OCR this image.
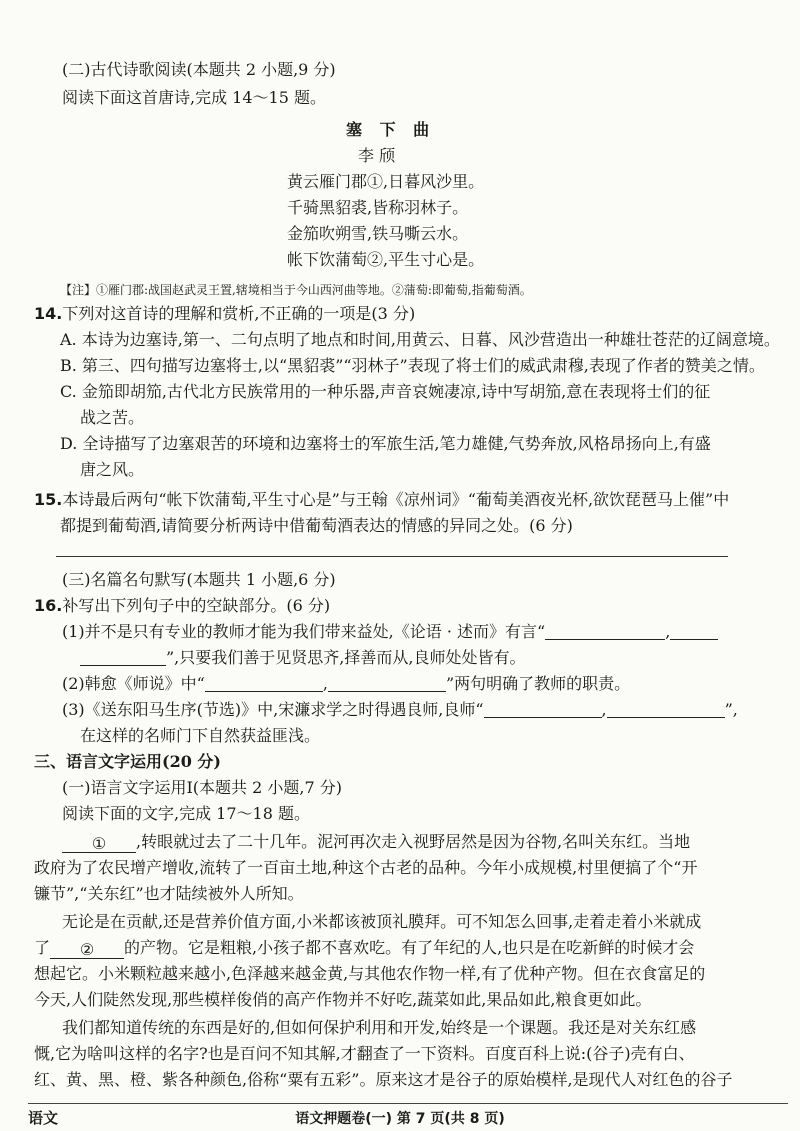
(二)古代诗歌阅读(本题共 2 小题,9 分)
阅读下面这首唐诗,完成 14～15 题。
塞 下 曲
李 颀
黄云雁门郡①,日暮风沙里。
千骑黑貂裘,皆称羽林子。
金笳吹朔雪,铁马嘶云水。
帐下饮蒲萄②,平生寸心是。
【注】①雁门郡:战国赵武灵王置,辖境相当于今山西河曲等地。②蒲萄:即葡萄,指葡萄酒。
14.下列对这首诗的理解和赏析,不正确的一项是(3 分)
A. 本诗为边塞诗,第一、二句点明了地点和时间,用黄云、日暮、风沙营造出一种雄壮苍茫的辽阔意境。
B. 第三、四句描写边塞将士,以“黑貂裘”“羽林子”表现了将士们的威武肃穆,表现了作者的赞美之情。
C. 金笳即胡笳,古代北方民族常用的一种乐器,声音哀婉凄凉,诗中写胡笳,意在表现将士们的征
战之苦。
D. 全诗描写了边塞艰苦的环境和边塞将士的军旅生活,笔力雄健,气势奔放,风格昂扬向上,有盛
唐之风。
15.本诗最后两句“帐下饮蒲萄,平生寸心是”与王翰《凉州词》“葡萄美酒夜光杯,欲饮琵琶马上催”中
都提到葡萄酒,请简要分析两诗中借葡萄酒表达的情感的异同之处。(6 分)
(三)名篇名句默写(本题共 1 小题,6 分)
16.补写出下列句子中的空缺部分。(6 分)
(1)并不是只有专业的教师才能为我们带来益处,《论语 · 述而》有言“	,
”,只要我们善于见贤思齐,择善而从,良师处处皆有。
(2)韩愈《师说》中“	,	”两句明确了教师的职责。
(3)《送东阳马生序(节选)》中,宋濂求学之时得遇良师,良师“	,	”,
在这样的名师门下自然获益匪浅。
三、语言文字运用(20 分)
(一)语言文字运用Ⅰ(本题共 2 小题,7 分)
阅读下面的文字,完成 17～18 题。
① ,转眼就过去了二十几年。泥河再次走入视野居然是因为谷物,名叫关东红。当地
政府为了农民增产增收,流转了一百亩土地,种这个古老的品种。今年小成规模,村里便搞了个“开
镰节”,“关东红”也才陆续被外人所知。
无论是在贡献,还是营养价值方面,小米都该被顶礼膜拜。可不知怎么回事,走着走着小米就成
了 ② 的产物。它是粗粮,小孩子都不喜欢吃。有了年纪的人,也只是在吃新鲜的时候才会
想起它。小米颗粒越来越小,色泽越来越金黄,与其他农作物一样,有了优种产物。但在衣食富足的
今天,人们陡然发现,那些模样俊俏的高产作物并不好吃,蔬菜如此,果品如此,粮食更如此。
我们都知道传统的东西是好的,但如何保护利用和开发,始终是一个课题。我还是对关东红感
慨,它为啥叫这样的名字?也是百问不知其解,才翻查了一下资料。百度百科上说:(谷子)壳有白、
红、黄、黑、橙、紫各种颜色,俗称“粟有五彩”。原来这才是谷子的原始模样,是现代人对红色的谷子
语文	语文押题卷(一) 第 7 页(共 8 页)
